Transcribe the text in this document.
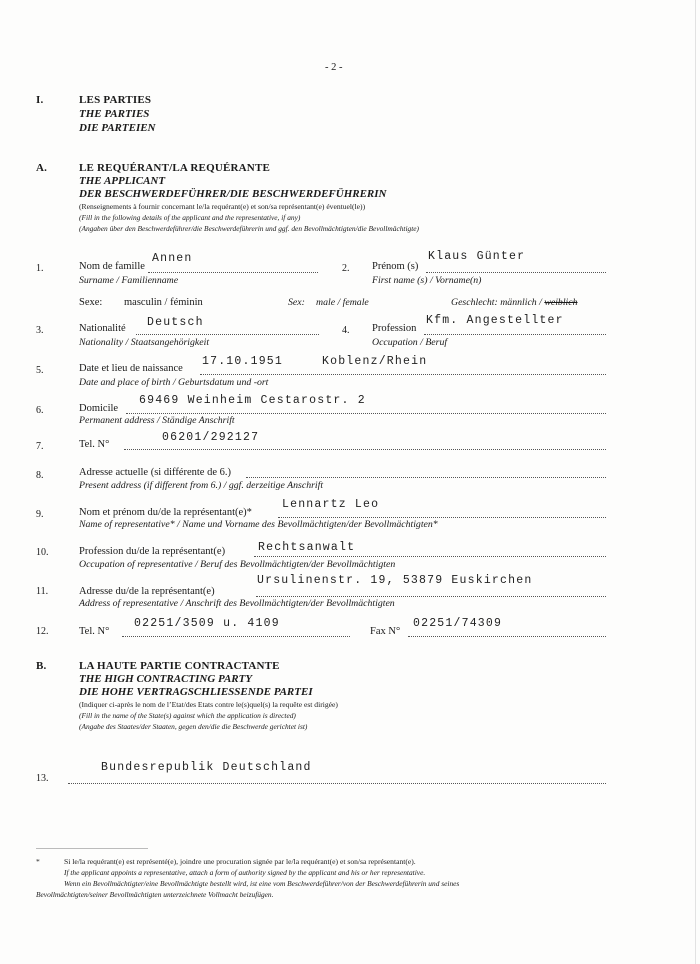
- 2 -
I.	LES PARTIES
THE PARTIES
DIE PARTEIEN
A.	LE REQUÉRANT/LA REQUÉRANTE
THE APPLICANT
DER BESCHWERDEFÜHRER/DIE BESCHWERDEFÜHRERIN
(Renseignements à fournir concernant le/la requérant(e) et son/sa représentant(e) éventuel(le))
(Fill in the following details of the applicant and the representative, if any)
(Angaben über den Beschwerdeführer/die Beschwerdeführerin und ggf. den Bevollmächtigten/die Bevollmächtigte)
1.	Nom de famille
Annen
Surname / Familienname
2. Prénom (s)
Klaus Günter
First name (s) / Vorname(n)
Sexe: masculin / féminin	Sex: male / female	Geschlecht: männlich / weiblich
3.	Nationalité Deutsch
Nationality / Staatsangehörigkeit
4. Profession
Kfm. Angestellter
Occupation / Beruf
5.	Date et lieu de naissance
17.10.1951	Koblenz/Rhein
Date and place of birth / Geburtsdatum und -ort
6.	Domicile
69469 Weinheim Cestarostr. 2
Permanent address / Ständige Anschrift
7.	Tel. N°
06201/292127
8.	Adresse actuelle (si différente de 6.)
Present address (if different from 6.) / ggf. derzeitige Anschrift
9.	Nom et prénom du/de la représentant(e)*
Lennartz Leo
Name of representative* / Name und Vorname des Bevollmächtigten/der Bevollmächtigten*
10.	Profession du/de la représentant(e)	Rechtsanwalt
Occupation of representative / Beruf des Bevollmächtigten/der Bevollmächtigten
11.	Adresse du/de la représentant(e)
Ursulinenstr. 19, 53879 Euskirchen
Address of representative / Anschrift des Bevollmächtigten/der Bevollmächtigten
12.	Tel. N°
02251/3509 u. 4109
Fax N°
02251/74309
B.	LA HAUTE PARTIE CONTRACTANTE
THE HIGH CONTRACTING PARTY
DIE HOHE VERTRAGSCHLIESSENDE PARTEI
(Indiquer ci-après le nom de l’Etat/des Etats contre le(s)quel(s) la requête est dirigée)
(Fill in the name of the State(s) against which the application is directed)
(Angabe des Staates/der Staaten, gegen den/die die Beschwerde gerichtet ist)
Bundesrepublik Deutschland
13.
*	Si le/la requérant(e) est représenté(e), joindre une procuration signée par le/la requérant(e) et son/sa représentant(e).
If the applicant appoints a representative, attach a form of authority signed by the applicant and his or her representative.
Wenn ein Bevollmächtigter/eine Bevollmächtigte bestellt wird, ist eine vom Beschwerdeführer/von der Beschwerdeführerin und seines
Bevollmächtigten/seiner Bevollmächtigten unterzeichnete Vollmacht beizufügen.
